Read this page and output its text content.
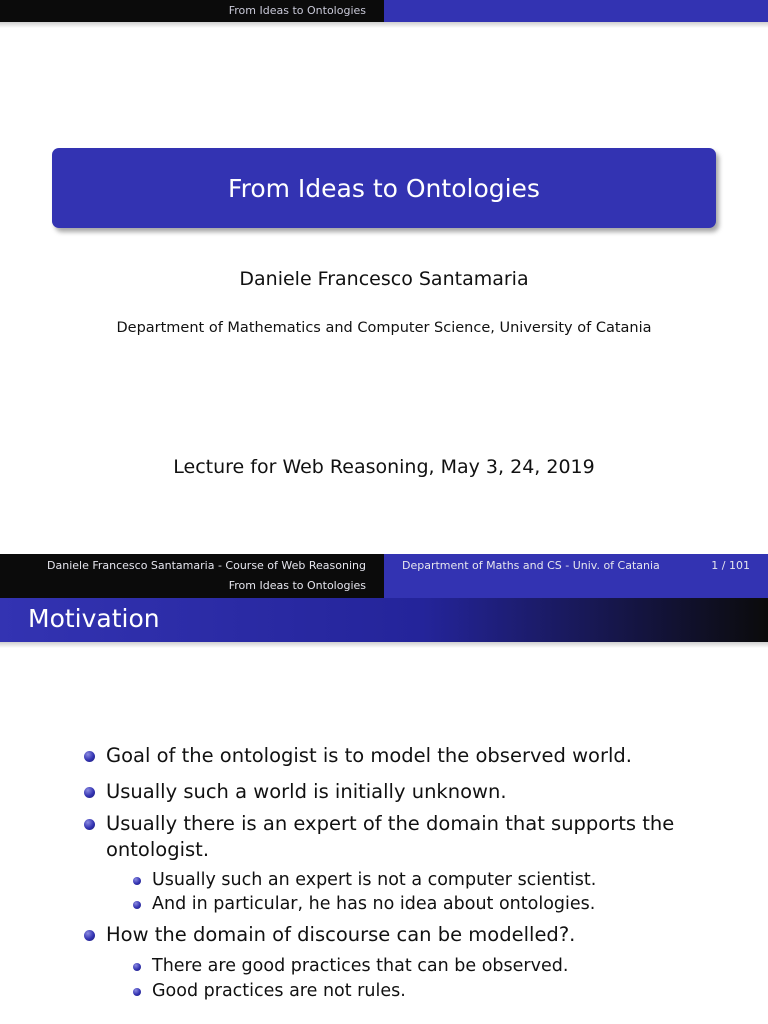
From Ideas to Ontologies
From Ideas to Ontologies
Daniele Francesco Santamaria
Department of Mathematics and Computer Science, University of Catania
Lecture for Web Reasoning, May 3, 24, 2019
Daniele Francesco Santamaria - Course of Web Reasoning
From Ideas to Ontologies
Department of Maths and CS - Univ. of Catania	1 / 101
Motivation
Goal of the ontologist is to model the observed world.
Usually such a world is initially unknown.
Usually there is an expert of the domain that supports the ontologist.
Usually such an expert is not a computer scientist.
And in particular, he has no idea about ontologies.
How the domain of discourse can be modelled?.
There are good practices that can be observed.
Good practices are not rules.
